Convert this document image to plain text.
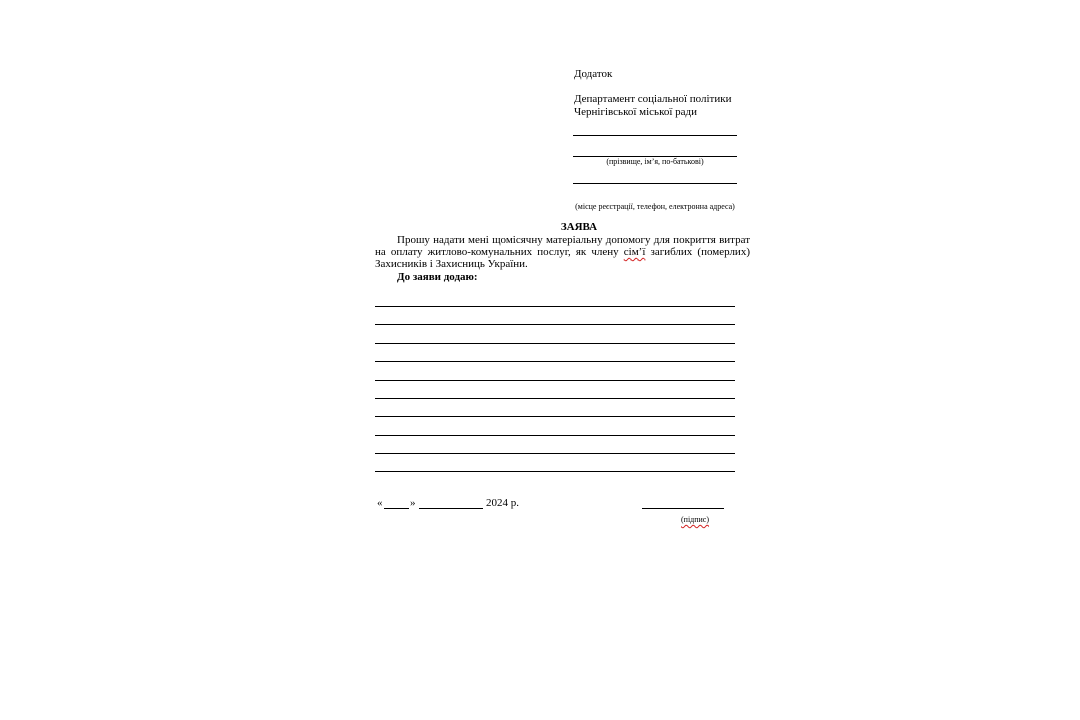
Додаток
Департамент соціальної політики
Чернігівської міської ради
(прізвище, ім’я, по-батькові)
(місце реєстрації, телефон, електронна адреса)
ЗАЯВА
Прошу надати мені щомісячну матеріальну допомогу для покриття витрат на оплату житлово-комунальних послуг, як члену сім’ї загиблих (померлих) Захисників і Захисниць України.
До заяви додаю:
«	»	2024 р.
(підпис)
